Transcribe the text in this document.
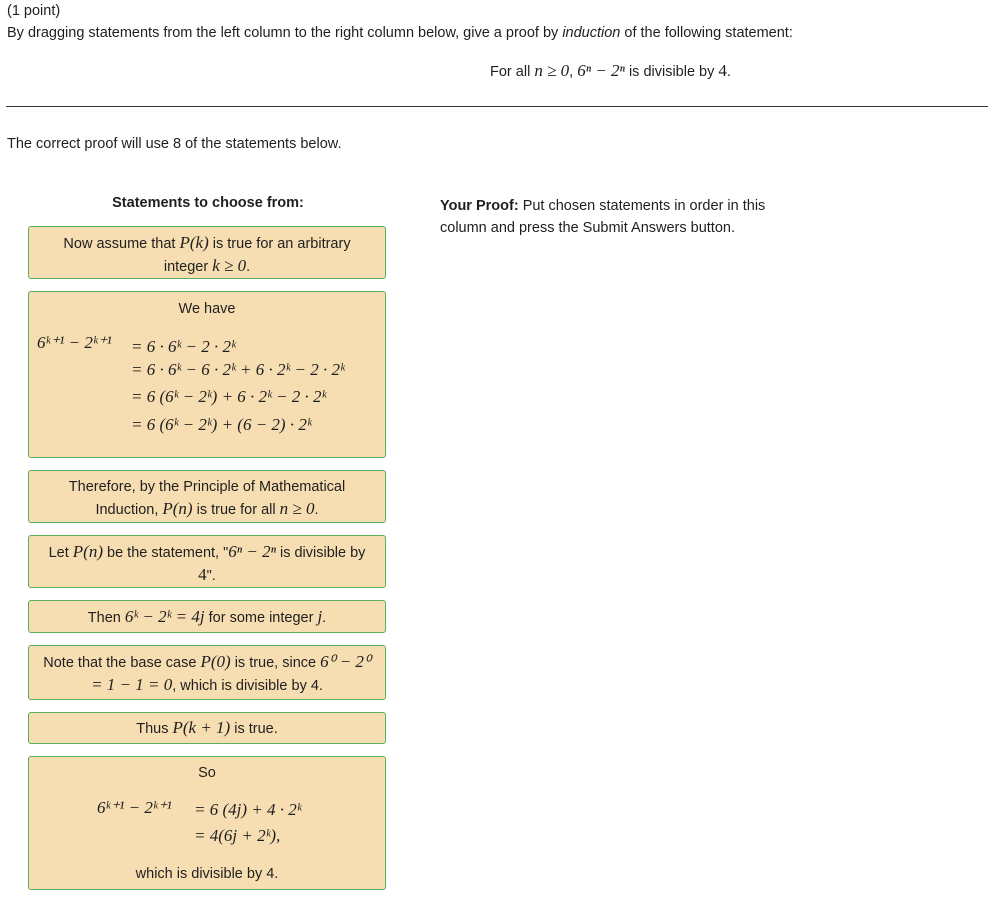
(1 point)
By dragging statements from the left column to the right column below, give a proof by induction of the following statement:
For all n ≥ 0, 6ⁿ − 2ⁿ is divisible by 4.
The correct proof will use 8 of the statements below.
Statements to choose from:	Your Proof: Put chosen statements in order in this column and press the Submit Answers button.
Now assume that P(k) is true for an arbitrary integer k ≥ 0.
We have
6ᵏ⁺¹ − 2ᵏ⁺¹ = 6 · 6ᵏ − 2 · 2ᵏ
= 6 · 6ᵏ − 6 · 2ᵏ + 6 · 2ᵏ − 2 · 2ᵏ
= 6 (6ᵏ − 2ᵏ) + 6 · 2ᵏ − 2 · 2ᵏ
= 6 (6ᵏ − 2ᵏ) + (6 − 2) · 2ᵏ
Therefore, by the Principle of Mathematical Induction, P(n) is true for all n ≥ 0.
Let P(n) be the statement, "6ⁿ − 2ⁿ is divisible by 4".
Then 6ᵏ − 2ᵏ = 4j for some integer j.
Note that the base case P(0) is true, since 6⁰ − 2⁰ = 1 − 1 = 0, which is divisible by 4.
Thus P(k + 1) is true.
So
6ᵏ⁺¹ − 2ᵏ⁺¹ = 6 (4j) + 4 · 2ᵏ
= 4(6j + 2ᵏ),
which is divisible by 4.
